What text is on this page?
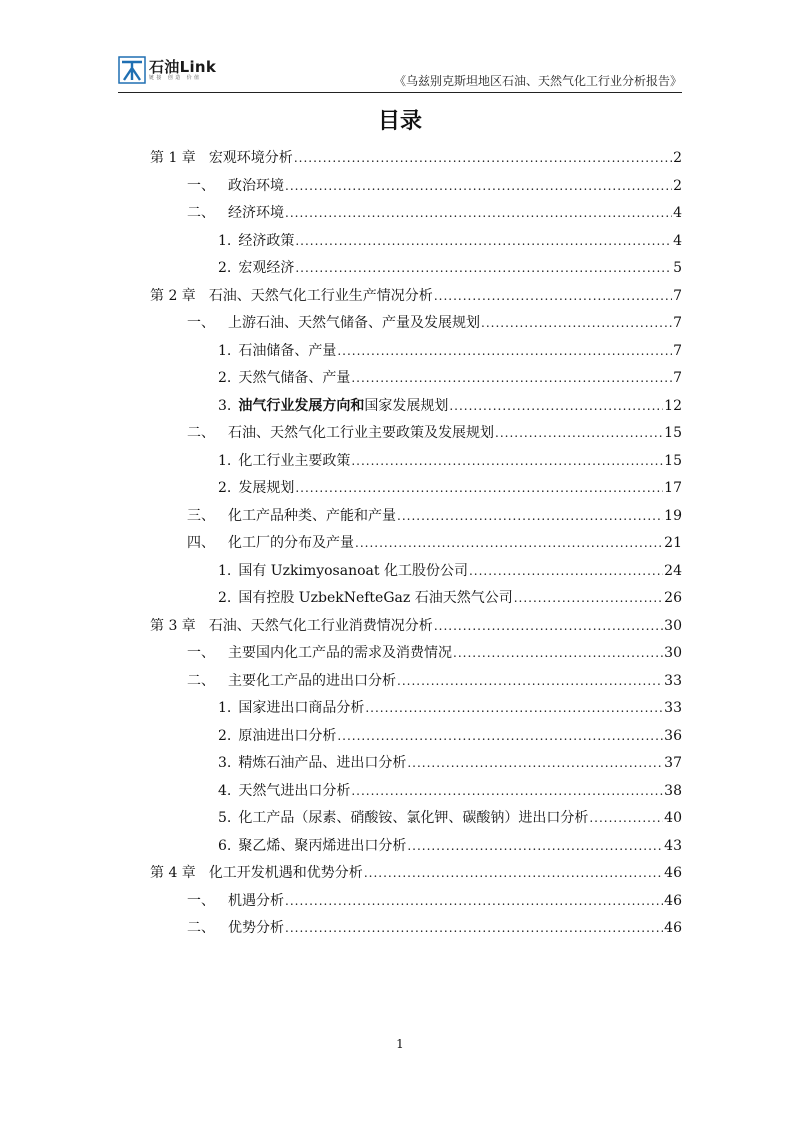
石油Link
链接 创造 价值	《乌兹别克斯坦地区石油、天然气化工行业分析报告》
目录
第 1 章 宏观环境分析 .....	2
一、 政治环境 .....	2
二、 经济环境 .....	4
1. 经济政策 .....	4
2. 宏观经济 .....	5
第 2 章 石油、天然气化工行业生产情况分析 .....	7
一、 上游石油、天然气储备、产量及发展规划 .....	7
1. 石油储备、产量 .....	7
2. 天然气储备、产量 .....	7
3. 油气行业发展方向和国家发展规划 .....	12
二、 石油、天然气化工行业主要政策及发展规划 .....	15
1. 化工行业主要政策 .....	15
2. 发展规划 .....	17
三、 化工产品种类、产能和产量 .....	19
四、 化工厂的分布及产量 .....	21
1. 国有 Uzkimyosanoat 化工股份公司 .....	24
2. 国有控股 UzbekNefteGaz 石油天然气公司 .....	26
第 3 章 石油、天然气化工行业消费情况分析 .....	30
一、 主要国内化工产品的需求及消费情况 .....	30
二、 主要化工产品的进出口分析 .....	33
1. 国家进出口商品分析 .....	33
2. 原油进出口分析 .....	36
3. 精炼石油产品、进出口分析 .....	37
4. 天然气进出口分析 .....	38
5. 化工产品（尿素、硝酸铵、氯化钾、碳酸钠）进出口分析 .....	40
6. 聚乙烯、聚丙烯进出口分析 .....	43
第 4 章 化工开发机遇和优势分析 .....	46
一、 机遇分析 .....	46
二、 优势分析 .....	46
1
